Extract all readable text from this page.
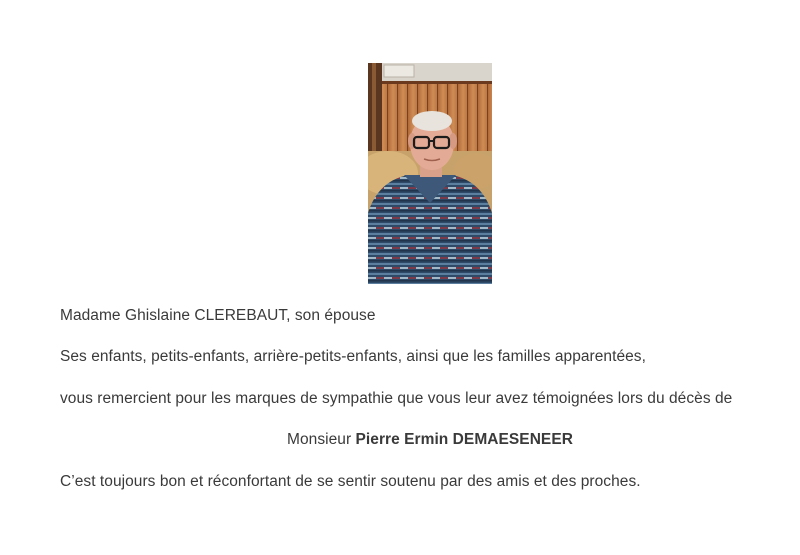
Madame Ghislaine CLEREBAUT, son épouse
Ses enfants, petits-enfants, arrière-petits-enfants, ainsi que les familles apparentées,
vous remercient pour les marques de sympathie que vous leur avez témoignées lors du décès de
Monsieur Pierre Ermin DEMAESENEER
C’est toujours bon et réconfortant de se sentir soutenu par des amis et des proches.
